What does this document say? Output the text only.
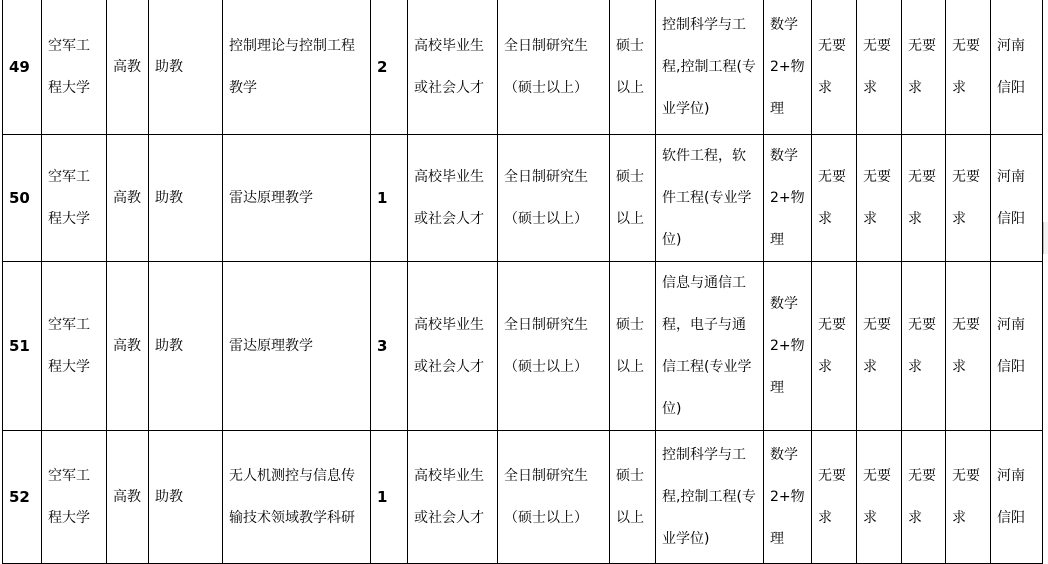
49	空军工程大学	高教	助教	控制理论与控制工程教学	2	高校毕业生或社会人才	全日制研究生（硕士以上）	硕士以上	控制科学与工程,控制工程(专业学位)	数学2+物理	无要求	无要求	无要求	无要求	河南信阳
50	空军工程大学	高教	助教	雷达原理教学	1	高校毕业生或社会人才	全日制研究生（硕士以上）	硕士以上	软件工程，软件工程(专业学位)	数学2+物理	无要求	无要求	无要求	无要求	河南信阳
51	空军工程大学	高教	助教	雷达原理教学	3	高校毕业生或社会人才	全日制研究生（硕士以上）	硕士以上	信息与通信工程，电子与通信工程(专业学位)	数学2+物理	无要求	无要求	无要求	无要求	河南信阳
52	空军工程大学	高教	助教	无人机测控与信息传输技术领域教学科研	1	高校毕业生或社会人才	全日制研究生（硕士以上）	硕士以上	控制科学与工程,控制工程(专业学位)	数学2+物理	无要求	无要求	无要求	无要求	河南信阳
